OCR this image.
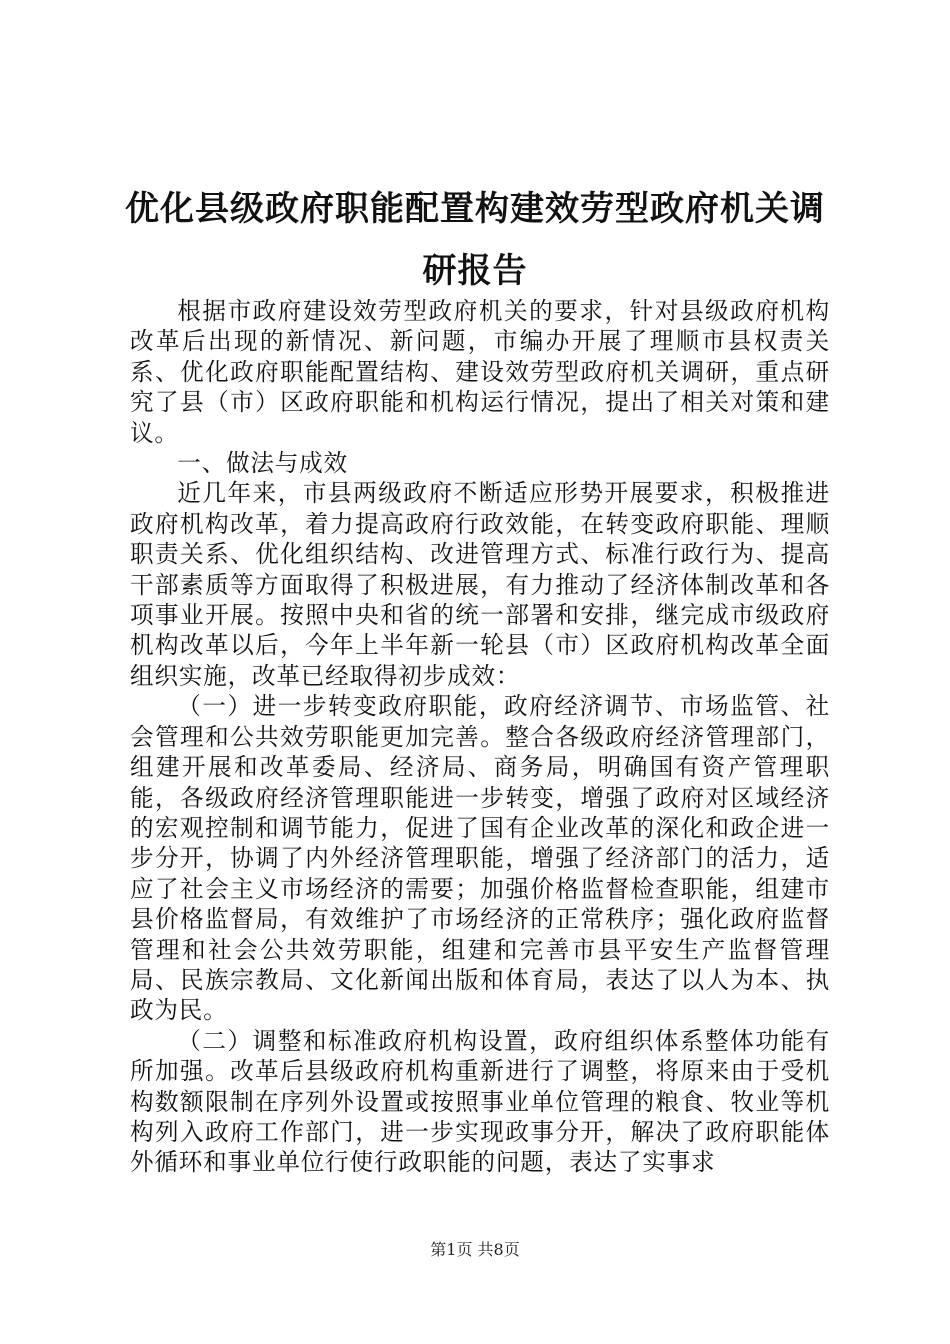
优化县级政府职能配置构建效劳型政府机关调
研报告

根据市政府建设效劳型政府机关的要求，针对县级政府机构改革后出现的新情况、新问题，市编办开展了理顺市县权责关系、优化政府职能配置结构、建设效劳型政府机关调研，重点研究了县（市）区政府职能和机构运行情况，提出了相关对策和建议。

一、做法与成效

近几年来，市县两级政府不断适应形势开展要求，积极推进政府机构改革，着力提高政府行政效能，在转变政府职能、理顺职责关系、优化组织结构、改进管理方式、标准行政行为、提高干部素质等方面取得了积极进展，有力推动了经济体制改革和各项事业开展。按照中央和省的统一部署和安排，继完成市级政府机构改革以后，今年上半年新一轮县（市）区政府机构改革全面组织实施，改革已经取得初步成效：

（一）进一步转变政府职能，政府经济调节、市场监管、社会管理和公共效劳职能更加完善。整合各级政府经济管理部门，组建开展和改革委局、经济局、商务局，明确国有资产管理职能，各级政府经济管理职能进一步转变，增强了政府对区域经济的宏观控制和调节能力，促进了国有企业改革的深化和政企进一步分开，协调了内外经济管理职能，增强了经济部门的活力，适应了社会主义市场经济的需要；加强价格监督检查职能，组建市县价格监督局，有效维护了市场经济的正常秩序；强化政府监督管理和社会公共效劳职能，组建和完善市县平安生产监督管理局、民族宗教局、文化新闻出版和体育局，表达了以人为本、执政为民。

（二）调整和标准政府机构设置，政府组织体系整体功能有所加强。改革后县级政府机构重新进行了调整，将原来由于受机构数额限制在序列外设置或按照事业单位管理的粮食、牧业等机构列入政府工作部门，进一步实现政事分开，解决了政府职能体外循环和事业单位行使行政职能的问题，表达了实事求

第1页 共8页
